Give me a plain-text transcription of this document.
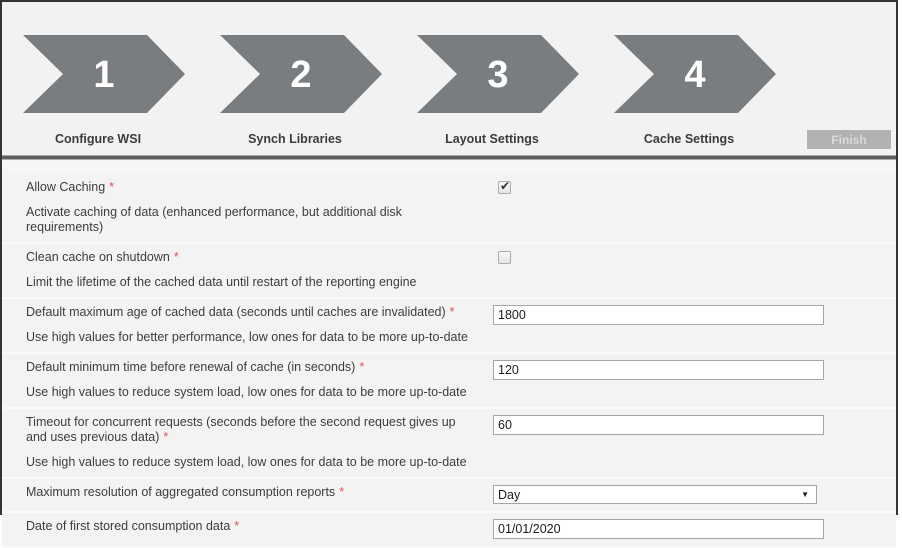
1
Configure WSI
2
Synch Libraries
3
Layout Settings
4
Cache Settings	Finish
Allow Caching *
Activate caching of data (enhanced performance, but additional disk requirements)
Clean cache on shutdown *
Limit the lifetime of the cached data until restart of the reporting engine
Default maximum age of cached data (seconds until caches are invalidated) *
Use high values for better performance, low ones for data to be more up-to-date
1800
Default minimum time before renewal of cache (in seconds) *
Use high values to reduce system load, low ones for data to be more up-to-date
120
Timeout for concurrent requests (seconds before the second request gives up and uses previous data) *
Use high values to reduce system load, low ones for data to be more up-to-date
60
Maximum resolution of aggregated consumption reports *
Day	▼
Date of first stored consumption data *
01/01/2020
